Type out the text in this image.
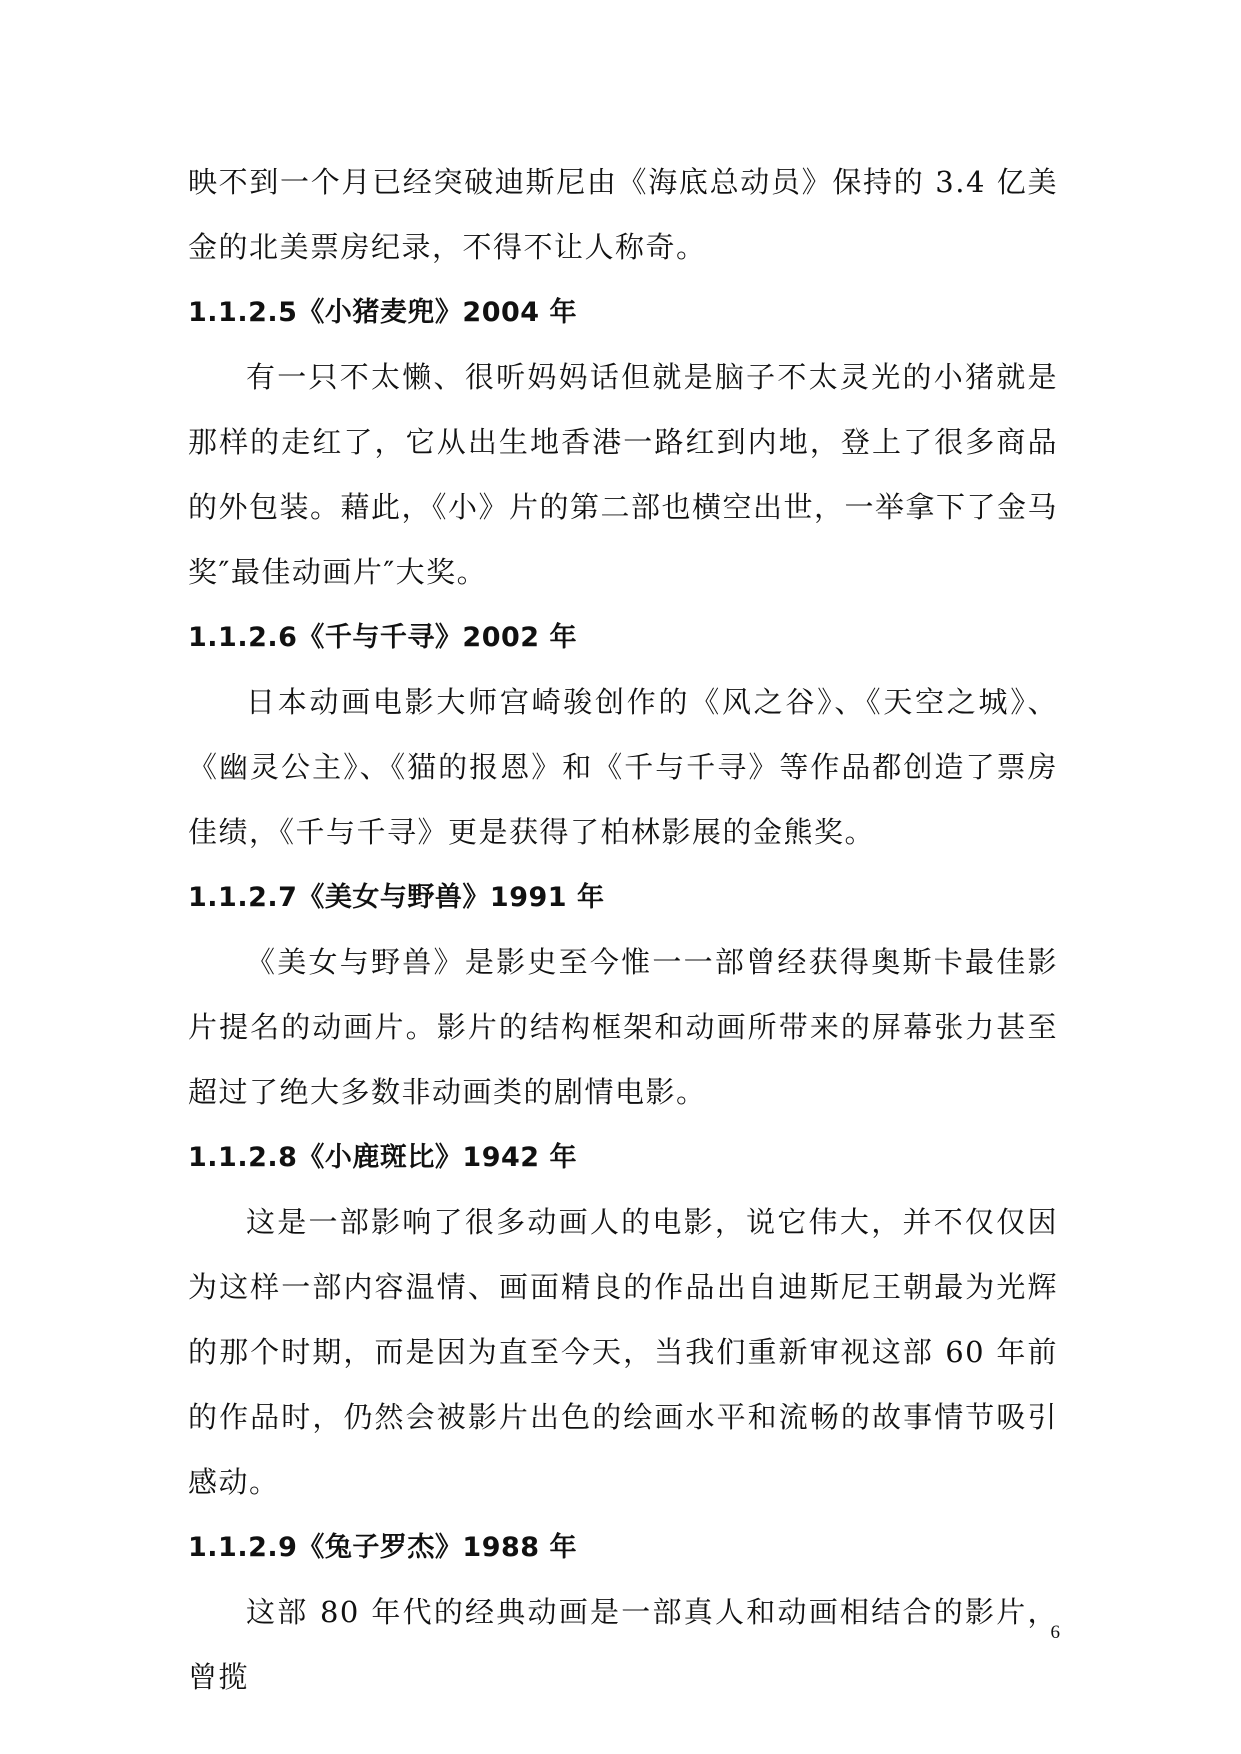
映不到一个月已经突破迪斯尼由《海底总动员》保持的 3.4 亿美金的北美票房纪录，不得不让人称奇。

1.1.2.5《小猪麦兜》2004 年

有一只不太懒、很听妈妈话但就是脑子不太灵光的小猪就是那样的走红了，它从出生地香港一路红到内地，登上了很多商品的外包装。藉此，《小》片的第二部也横空出世，一举拿下了金马奖″最佳动画片″大奖。

1.1.2.6《千与千寻》2002 年

日本动画电影大师宫崎骏创作的《风之谷》、《天空之城》、《幽灵公主》、《猫的报恩》和《千与千寻》等作品都创造了票房佳绩，《千与千寻》更是获得了柏林影展的金熊奖。

1.1.2.7《美女与野兽》1991 年

《美女与野兽》是影史至今惟一一部曾经获得奥斯卡最佳影片提名的动画片。影片的结构框架和动画所带来的屏幕张力甚至超过了绝大多数非动画类的剧情电影。

1.1.2.8《小鹿斑比》1942 年

这是一部影响了很多动画人的电影，说它伟大，并不仅仅因为这样一部内容温情、画面精良的作品出自迪斯尼王朝最为光辉的那个时期，而是因为直至今天，当我们重新审视这部 60 年前的作品时，仍然会被影片出色的绘画水平和流畅的故事情节吸引感动。

1.1.2.9《兔子罗杰》1988 年

这部 80 年代的经典动画是一部真人和动画相结合的影片，曾揽

6
